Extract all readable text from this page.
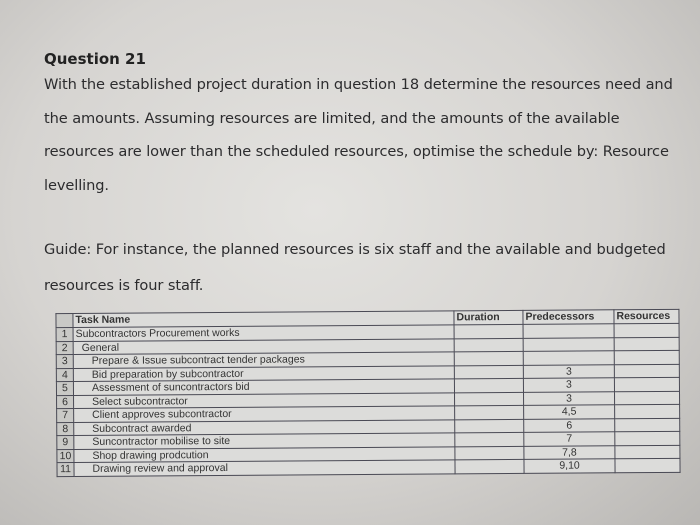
Question 21
With the established project duration in question 18 determine the resources need and the amounts. Assuming resources are limited, and the amounts of the available resources are lower than the scheduled resources, optimise the schedule by: Resource levelling.
Guide: For instance, the planned resources is six staff and the available and budgeted resources is four staff.
	Task Name	Duration	Predecessors	Resources
1	Subcontractors Procurement works			
2	General			
3	Prepare & Issue subcontract tender packages			
4	Bid preparation by subcontractor		3	
5	Assessment of suncontractors bid		3	
6	Select subcontractor		3	
7	Client approves subcontractor		4,5	
8	Subcontract awarded		6	
9	Suncontractor mobilise to site		7	
10	Shop drawing prodcution		7,8	
11	Drawing review and approval		9,10	
